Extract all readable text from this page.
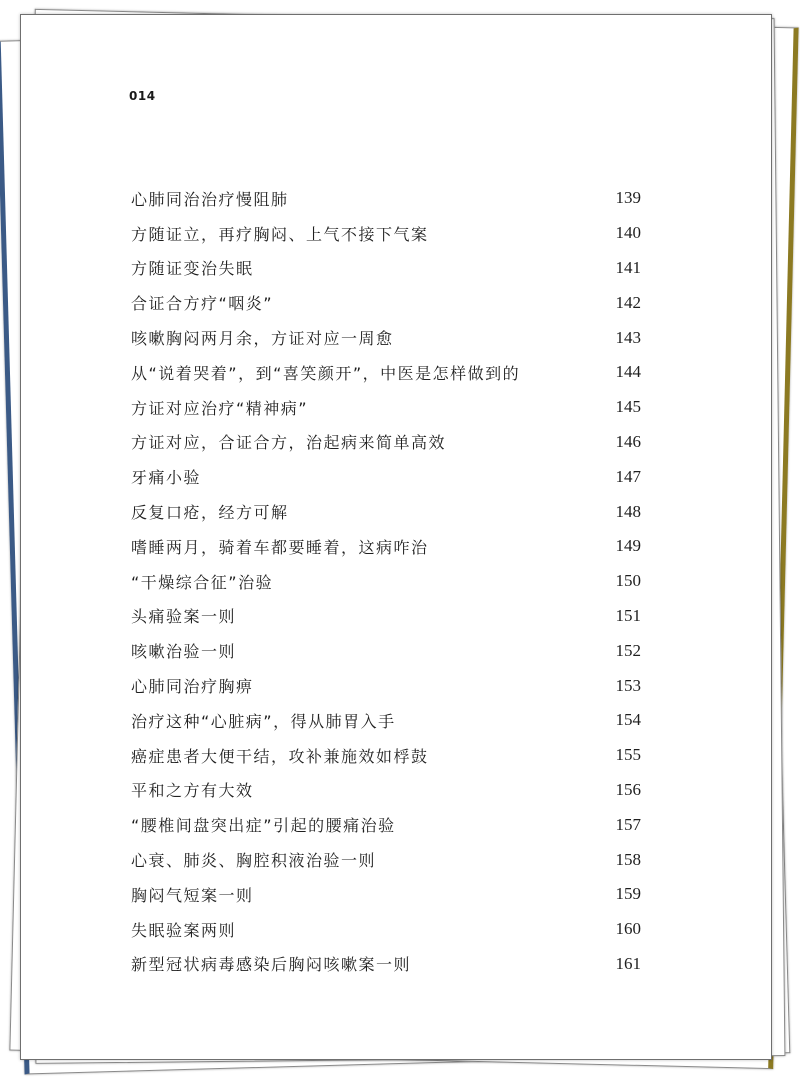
014
心肺同治治疗慢阻肺	139
方随证立，再疗胸闷、上气不接下气案	140
方随证变治失眠	141
合证合方疗“咽炎”	142
咳嗽胸闷两月余，方证对应一周愈	143
从“说着哭着”，到“喜笑颜开”，中医是怎样做到的	144
方证对应治疗“精神病”	145
方证对应，合证合方，治起病来简单高效	146
牙痛小验	147
反复口疮，经方可解	148
嗜睡两月，骑着车都要睡着，这病咋治	149
“干燥综合征”治验	150
头痛验案一则	151
咳嗽治验一则	152
心肺同治疗胸痹	153
治疗这种“心脏病”，得从肺胃入手	154
癌症患者大便干结，攻补兼施效如桴鼓	155
平和之方有大效	156
“腰椎间盘突出症”引起的腰痛治验	157
心衰、肺炎、胸腔积液治验一则	158
胸闷气短案一则	159
失眠验案两则	160
新型冠状病毒感染后胸闷咳嗽案一则	161
